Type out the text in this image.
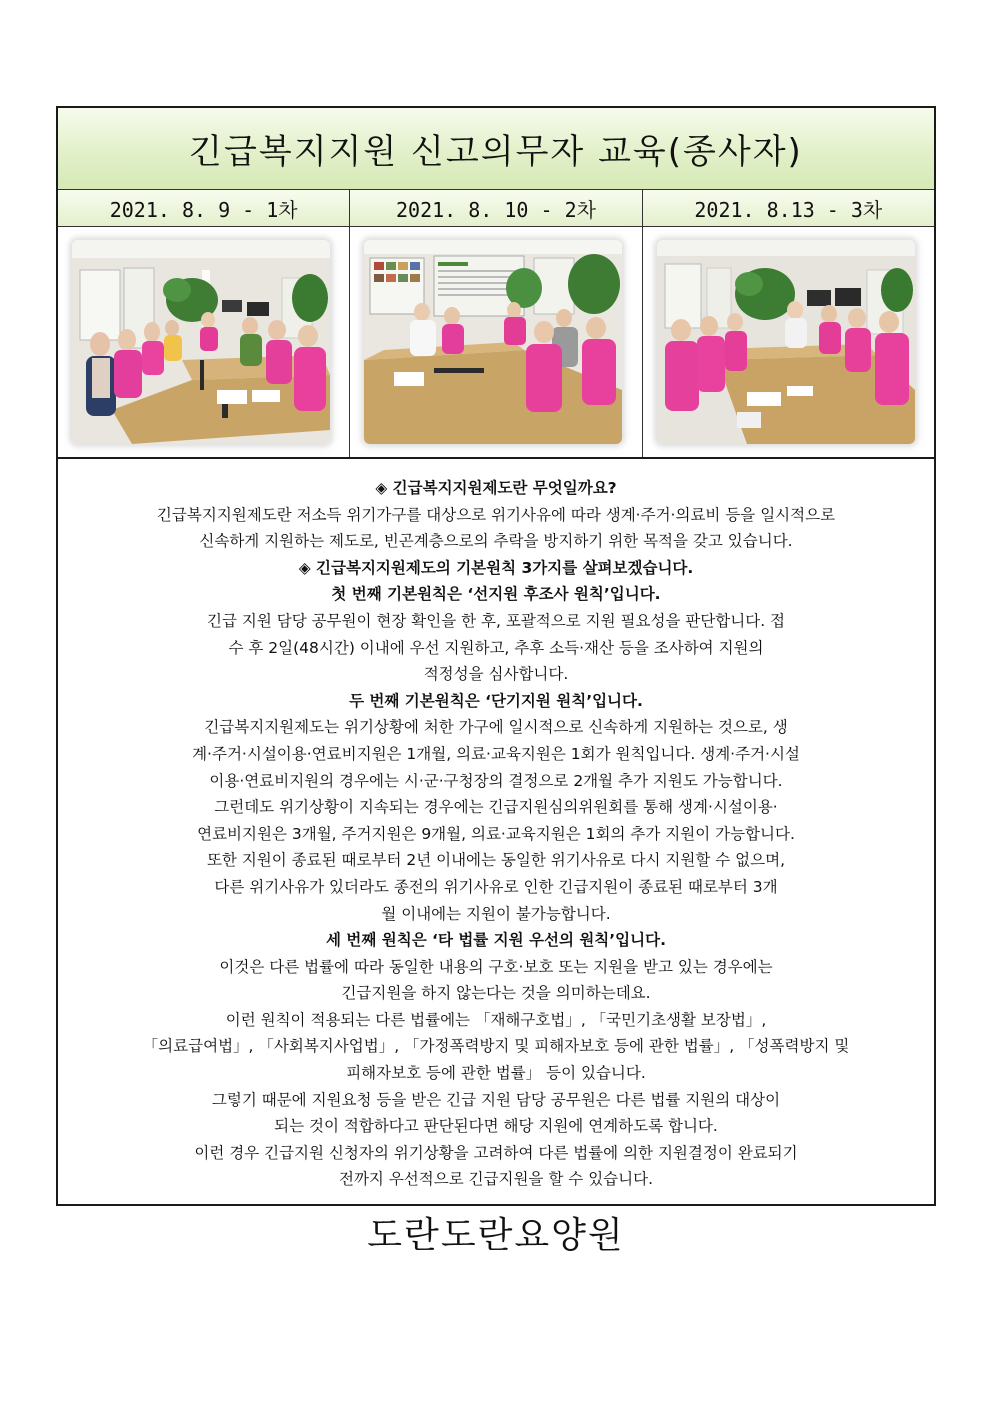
긴급복지지원 신고의무자 교육(종사자)
2021. 8. 9 - 1차	2021. 8. 10 - 2차	2021. 8.13 - 3차

◈ 긴급복지지원제도란 무엇일까요?

긴급복지지원제도란 저소득 위기가구를 대상으로 위기사유에 따라 생계·주거·의료비 등을 일시적으로

신속하게 지원하는 제도로, 빈곤계층으로의 추락을 방지하기 위한 목적을 갖고 있습니다.

◈ 긴급복지지원제도의 기본원칙 3가지를 살펴보겠습니다.

첫 번째 기본원칙은 ‘선지원 후조사 원칙’입니다.

긴급 지원 담당 공무원이 현장 확인을 한 후, 포괄적으로 지원 필요성을 판단합니다. 접

수 후 2일(48시간) 이내에 우선 지원하고, 추후 소득·재산 등을 조사하여 지원의

적정성을 심사합니다.

두 번째 기본원칙은 ‘단기지원 원칙’입니다.

긴급복지지원제도는 위기상황에 처한 가구에 일시적으로 신속하게 지원하는 것으로, 생

계·주거·시설이용·연료비지원은 1개월, 의료·교육지원은 1회가 원칙입니다. 생계·주거·시설

이용·연료비지원의 경우에는 시·군·구청장의 결정으로 2개월 추가 지원도 가능합니다.

그런데도 위기상황이 지속되는 경우에는 긴급지원심의위원회를 통해 생계·시설이용·

연료비지원은 3개월, 주거지원은 9개월, 의료·교육지원은 1회의 추가 지원이 가능합니다.

또한 지원이 종료된 때로부터 2년 이내에는 동일한 위기사유로 다시 지원할 수 없으며,

다른 위기사유가 있더라도 종전의 위기사유로 인한 긴급지원이 종료된 때로부터 3개

월 이내에는 지원이 불가능합니다.

세 번째 원칙은 ‘타 법률 지원 우선의 원칙’입니다.

이것은 다른 법률에 따라 동일한 내용의 구호·보호 또는 지원을 받고 있는 경우에는

긴급지원을 하지 않는다는 것을 의미하는데요.

이런 원칙이 적용되는 다른 법률에는 「재해구호법」, 「국민기초생활 보장법」,

「의료급여법」, 「사회복지사업법」, 「가정폭력방지 및 피해자보호 등에 관한 법률」, 「성폭력방지 및

피해자보호 등에 관한 법률」 등이 있습니다.

그렇기 때문에 지원요청 등을 받은 긴급 지원 담당 공무원은 다른 법률 지원의 대상이

되는 것이 적합하다고 판단된다면 해당 지원에 연계하도록 합니다.

이런 경우 긴급지원 신청자의 위기상황을 고려하여 다른 법률에 의한 지원결정이 완료되기

전까지 우선적으로 긴급지원을 할 수 있습니다.

도란도란요양원
